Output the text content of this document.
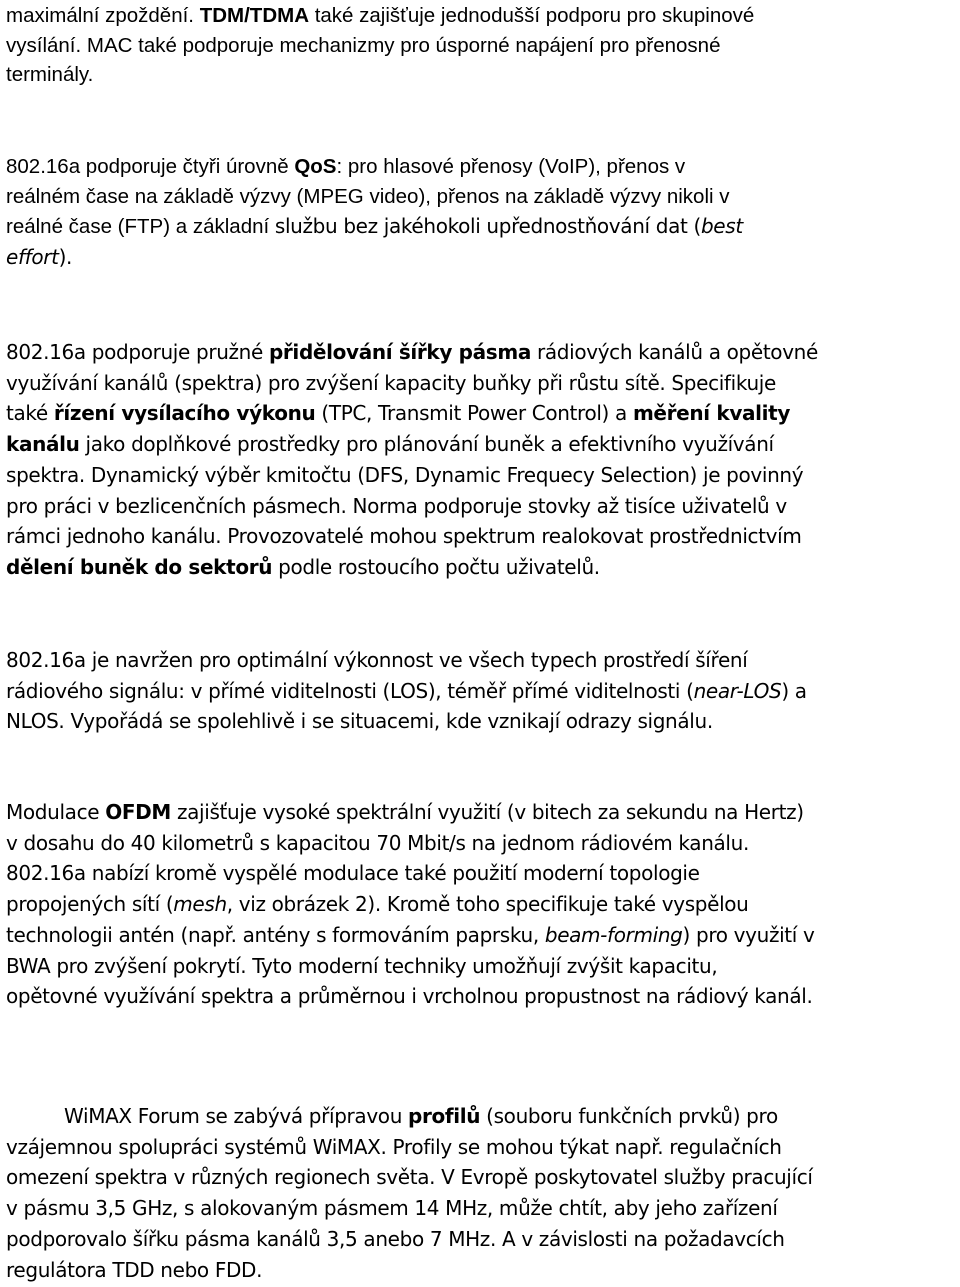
maximální zpoždění. TDM/TDMA také zajišťuje jednodušší podporu pro skupinové
vysílání. MAC také podporuje mechanizmy pro úsporné napájení pro přenosné
terminály.
802.16a podporuje čtyři úrovně QoS: pro hlasové přenosy (VoIP), přenos v
reálném čase na základě výzvy (MPEG video), přenos na základě výzvy nikoli v
reálné čase (FTP) a základní službu bez jakéhokoli upřednostňování dat (best
effort).
802.16a podporuje pružné přidělování šířky pásma rádiových kanálů a opětovné
využívání kanálů (spektra) pro zvýšení kapacity buňky při růstu sítě. Specifikuje
také řízení vysílacího výkonu (TPC, Transmit Power Control) a měření kvality
kanálu jako doplňkové prostředky pro plánování buněk a efektivního využívání
spektra. Dynamický výběr kmitočtu (DFS, Dynamic Frequecy Selection) je povinný
pro práci v bezlicenčních pásmech. Norma podporuje stovky až tisíce uživatelů v
rámci jednoho kanálu. Provozovatelé mohou spektrum realokovat prostřednictvím
dělení buněk do sektorů podle rostoucího počtu uživatelů.
802.16a je navržen pro optimální výkonnost ve všech typech prostředí šíření
rádiového signálu: v přímé viditelnosti (LOS), téměř přímé viditelnosti (near-LOS) a
NLOS. Vypořádá se spolehlivě i se situacemi, kde vznikají odrazy signálu.
Modulace OFDM zajišťuje vysoké spektrální využití (v bitech za sekundu na Hertz)
v dosahu do 40 kilometrů s kapacitou 70 Mbit/s na jednom rádiovém kanálu.
802.16a nabízí kromě vyspělé modulace také použití moderní topologie
propojených sítí (mesh, viz obrázek 2). Kromě toho specifikuje také vyspělou
technologii antén (např. antény s formováním paprsku, beam-forming) pro využití v
BWA pro zvýšení pokrytí. Tyto moderní techniky umožňují zvýšit kapacitu,
opětovné využívání spektra a průměrnou i vrcholnou propustnost na rádiový kanál.
WiMAX Forum se zabývá přípravou profilů (souboru funkčních prvků) pro
vzájemnou spolupráci systémů WiMAX. Profily se mohou týkat např. regulačních
omezení spektra v různých regionech světa. V Evropě poskytovatel služby pracující
v pásmu 3,5 GHz, s alokovaným pásmem 14 MHz, může chtít, aby jeho zařízení
podporovalo šířku pásma kanálů 3,5 anebo 7 MHz. A v závislosti na požadavcích
regulátora TDD nebo FDD.
